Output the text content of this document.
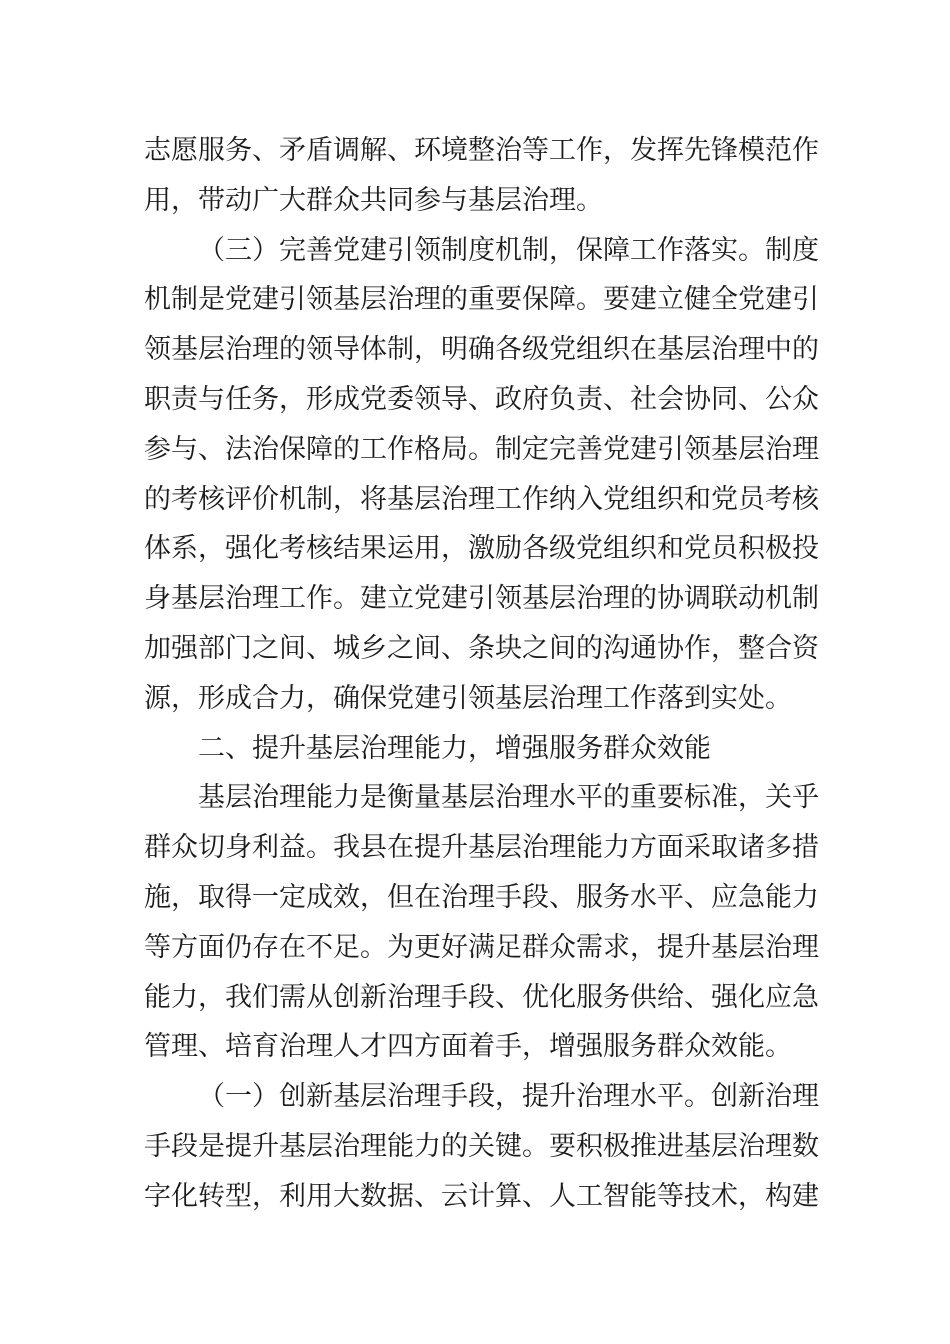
志愿服务、矛盾调解、环境整治等工作，发挥先锋模范作
用，带动广大群众共同参与基层治理。
（三）完善党建引领制度机制，保障工作落实。制度
机制是党建引领基层治理的重要保障。要建立健全党建引
领基层治理的领导体制，明确各级党组织在基层治理中的
职责与任务，形成党委领导、政府负责、社会协同、公众
参与、法治保障的工作格局。制定完善党建引领基层治理
的考核评价机制，将基层治理工作纳入党组织和党员考核
体系，强化考核结果运用，激励各级党组织和党员积极投
身基层治理工作。建立党建引领基层治理的协调联动机制
加强部门之间、城乡之间、条块之间的沟通协作，整合资
源，形成合力，确保党建引领基层治理工作落到实处。
二、提升基层治理能力，增强服务群众效能
基层治理能力是衡量基层治理水平的重要标准，关乎
群众切身利益。我县在提升基层治理能力方面采取诸多措
施，取得一定成效，但在治理手段、服务水平、应急能力
等方面仍存在不足。为更好满足群众需求，提升基层治理
能力，我们需从创新治理手段、优化服务供给、强化应急
管理、培育治理人才四方面着手，增强服务群众效能。
（一）创新基层治理手段，提升治理水平。创新治理
手段是提升基层治理能力的关键。要积极推进基层治理数
字化转型，利用大数据、云计算、人工智能等技术，构建
